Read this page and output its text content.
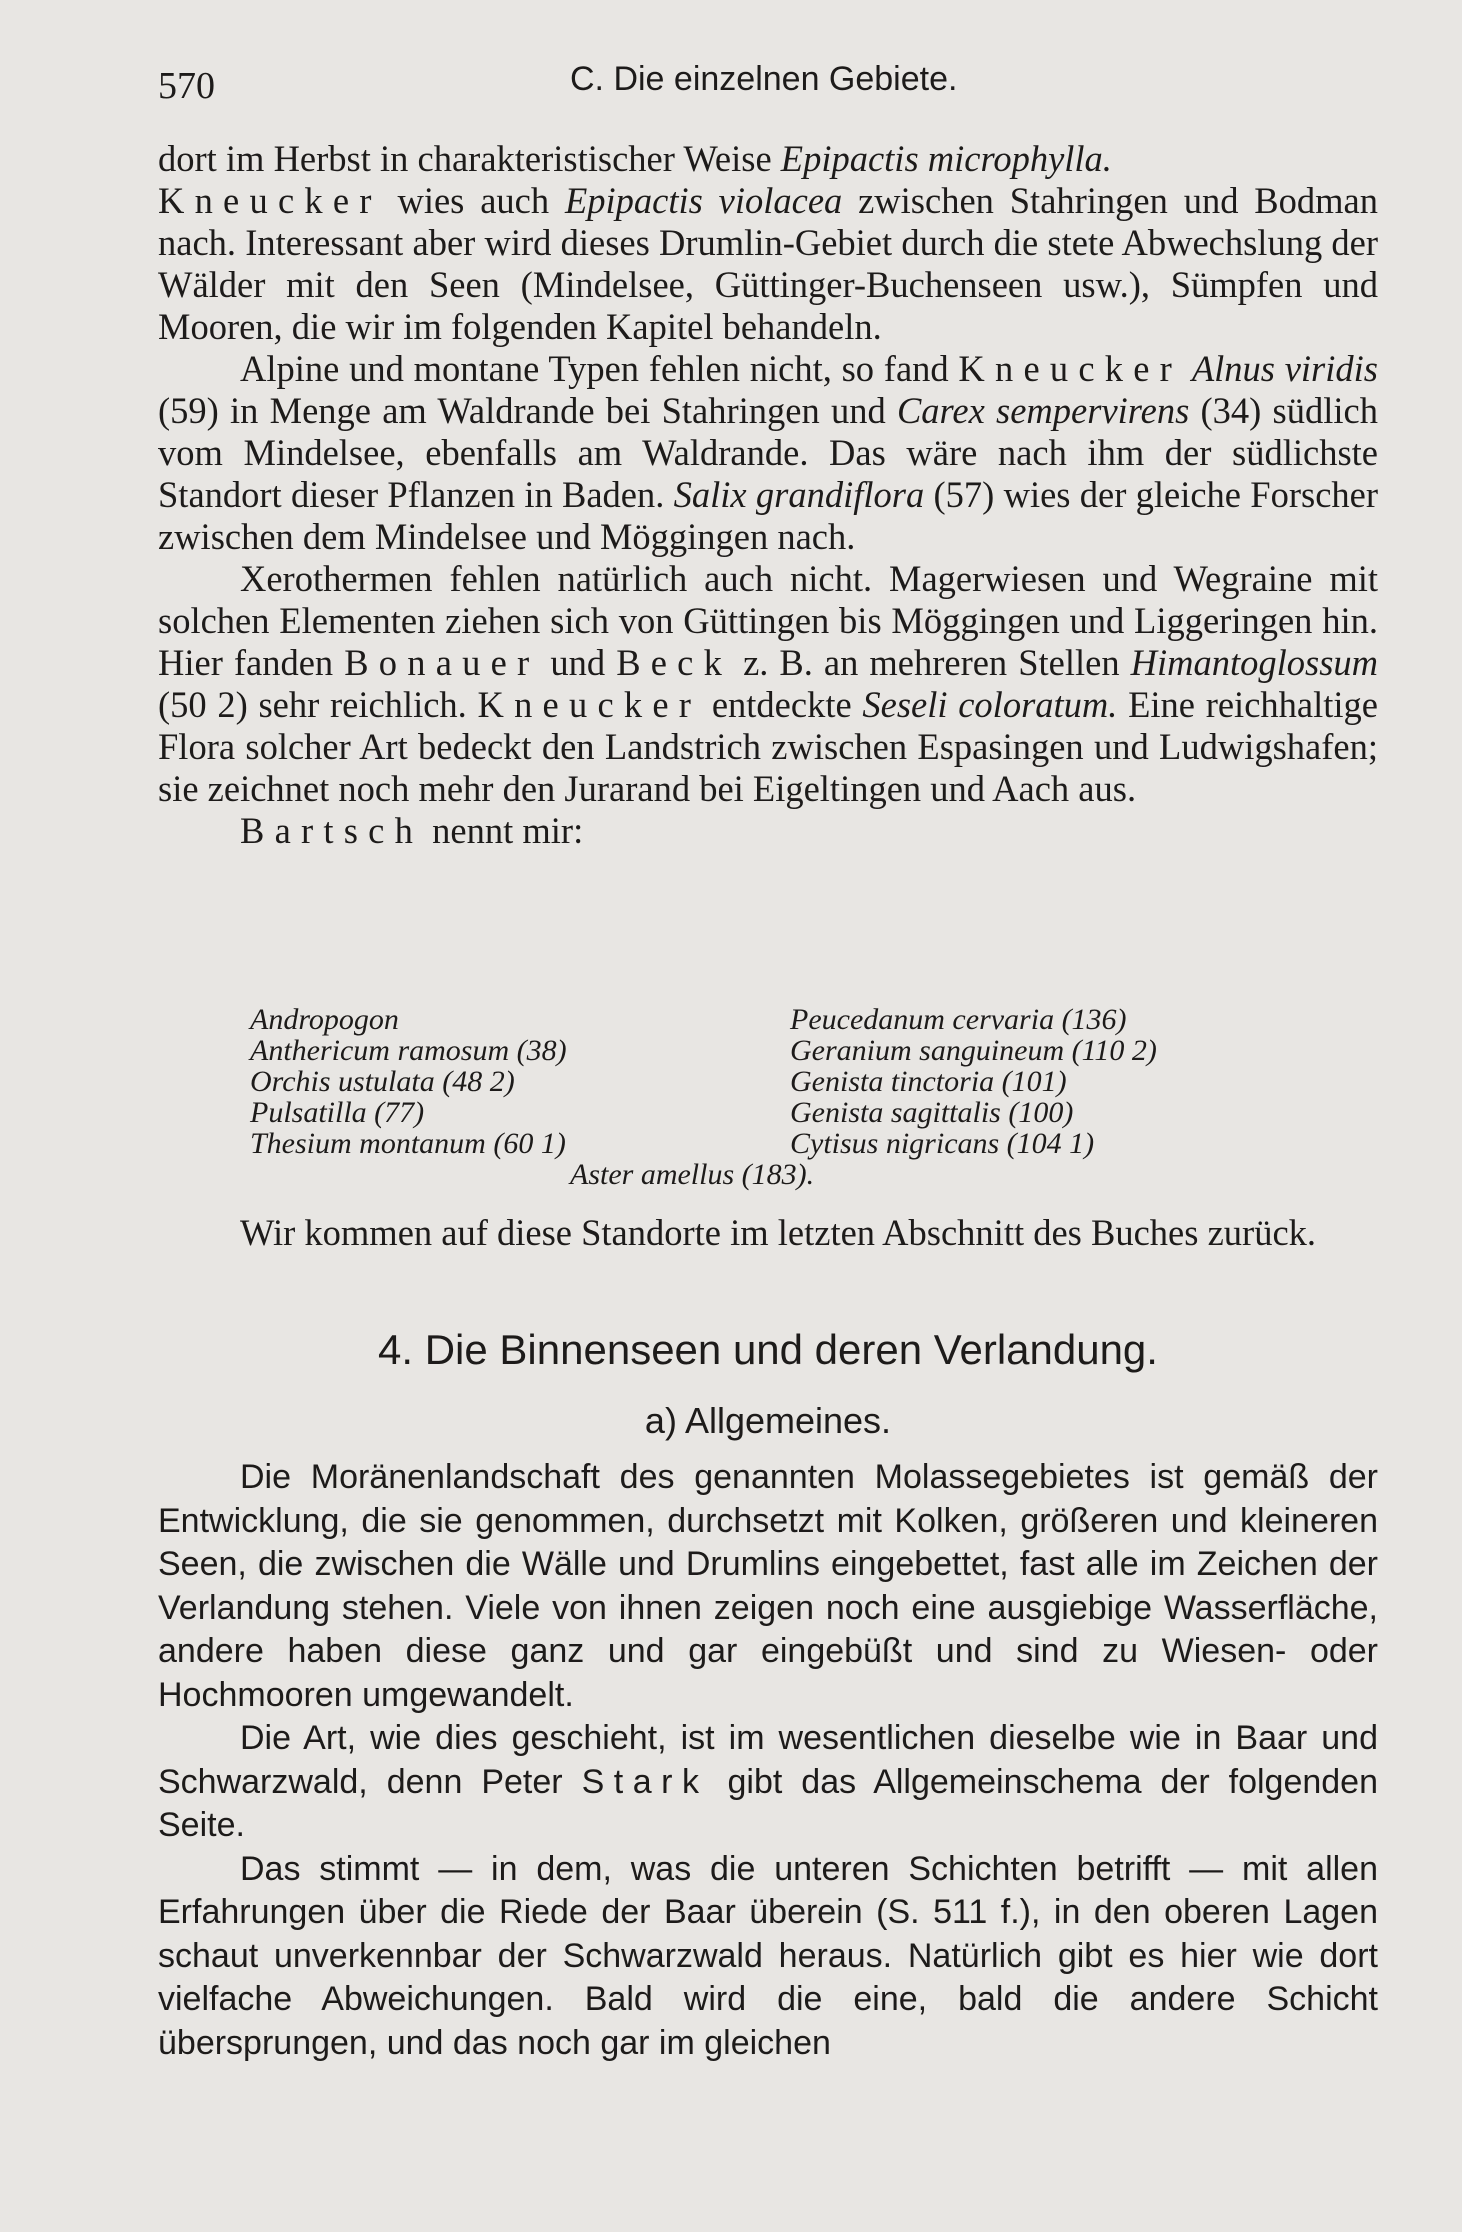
570	C. Die einzelnen Gebiete.

dort im Herbst in charakteristischer Weise Epipactis microphylla.
Kneucker wies auch Epipactis violacea zwischen Stahringen und Bodman nach. Interessant aber wird dieses Drumlin-Gebiet durch die stete Abwechslung der Wälder mit den Seen (Mindelsee, Güttinger-Buchenseen usw.), Sümpfen und Mooren, die wir im folgenden Kapitel behandeln.

Alpine und montane Typen fehlen nicht, so fand Kneucker Alnus viridis (59) in Menge am Waldrande bei Stahringen und Carex sempervirens (34) südlich vom Mindelsee, ebenfalls am Waldrande. Das wäre nach ihm der südlichste Standort dieser Pflanzen in Baden. Salix grandiflora (57) wies der gleiche Forscher zwischen dem Mindelsee und Möggingen nach.

Xerothermen fehlen natürlich auch nicht. Magerwiesen und Wegraine mit solchen Elementen ziehen sich von Güttingen bis Möggingen und Liggeringen hin. Hier fanden Bonauer und Beck z. B. an mehreren Stellen Himantoglossum (50 2) sehr reichlich. Kneucker entdeckte Seseli coloratum. Eine reichhaltige Flora solcher Art bedeckt den Landstrich zwischen Espasingen und Ludwigshafen; sie zeichnet noch mehr den Jurarand bei Eigeltingen und Aach aus.

Bartsch nennt mir:

Andropogon	Peucedanum cervaria (136)
Anthericum ramosum (38)	Geranium sanguineum (110 2)
Orchis ustulata (48 2)	Genista tinctoria (101)
Pulsatilla (77)	Genista sagittalis (100)
Thesium montanum (60 1)	Cytisus nigricans (104 1)
Aster amellus (183).

Wir kommen auf diese Standorte im letzten Abschnitt des Buches zurück.

4. Die Binnenseen und deren Verlandung.
a) Allgemeines.

Die Moränenlandschaft des genannten Molassegebietes ist gemäß der Entwicklung, die sie genommen, durchsetzt mit Kolken, größeren und kleineren Seen, die zwischen die Wälle und Drumlins eingebettet, fast alle im Zeichen der Verlandung stehen. Viele von ihnen zeigen noch eine ausgiebige Wasserfläche, andere haben diese ganz und gar eingebüßt und sind zu Wiesen- oder Hochmooren umgewandelt.

Die Art, wie dies geschieht, ist im wesentlichen dieselbe wie in Baar und Schwarzwald, denn Peter Stark gibt das Allgemeinschema der folgenden Seite.

Das stimmt — in dem, was die unteren Schichten betrifft — mit allen Erfahrungen über die Riede der Baar überein (S. 511 f.), in den oberen Lagen schaut unverkennbar der Schwarzwald heraus. Natürlich gibt es hier wie dort vielfache Abweichungen. Bald wird die eine, bald die andere Schicht übersprungen, und das noch gar im gleichen
